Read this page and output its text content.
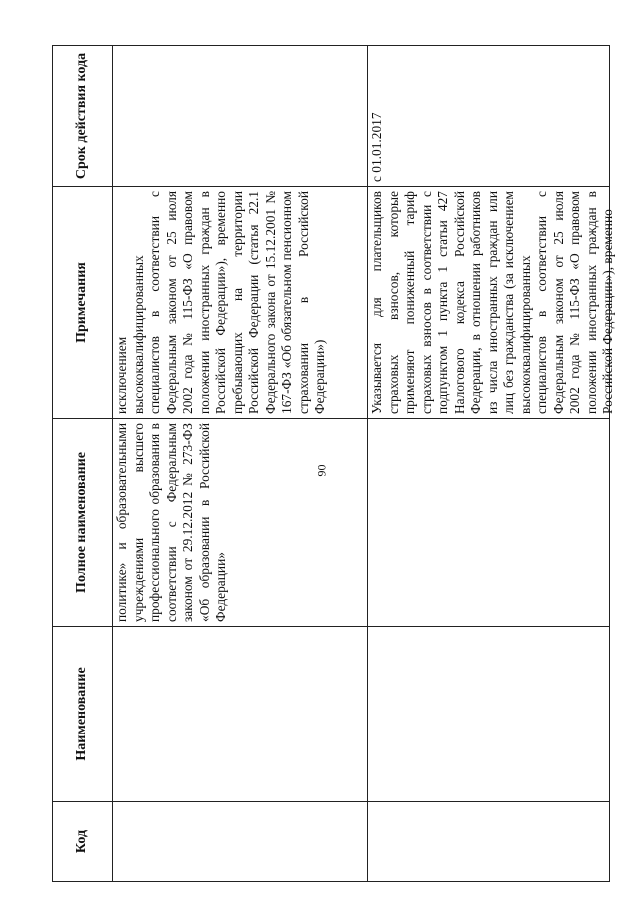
90
Код	Наименование	Полное наименование	Примечания	Срок действия кода
		политике» и образовательными учреждениями высшего профессионального образования в соответствии с Федеральным законом от 29.12.2012 № 273-ФЗ «Об образовании в Российской Федерации»	исключением высококвалифицированных специалистов в соответствии с Федеральным законом от 25 июля 2002 года № 115-ФЗ «О правовом положении иностранных граждан в Российской Федерации»), временно пребывающих на территории Российской Федерации (статья 22.1 Федерального закона от 15.12.2001 № 167-ФЗ «Об обязательном пенсионном страховании в Российской Федерации»)	

			Указывается для плательщиков страховых взносов, которые применяют пониженный тариф страховых взносов в соответствии с подпунктом 1 пункта 1 статьи 427 Налогового кодекса Российской Федерации, в отношении работников из числа иностранных граждан или лиц без гражданства (за исключением высококвалифицированных специалистов в соответствии с Федеральным законом от 25 июля 2002 года № 115-ФЗ «О правовом положении иностранных граждан в Российской Федерации»), временно	с 01.01.2017
